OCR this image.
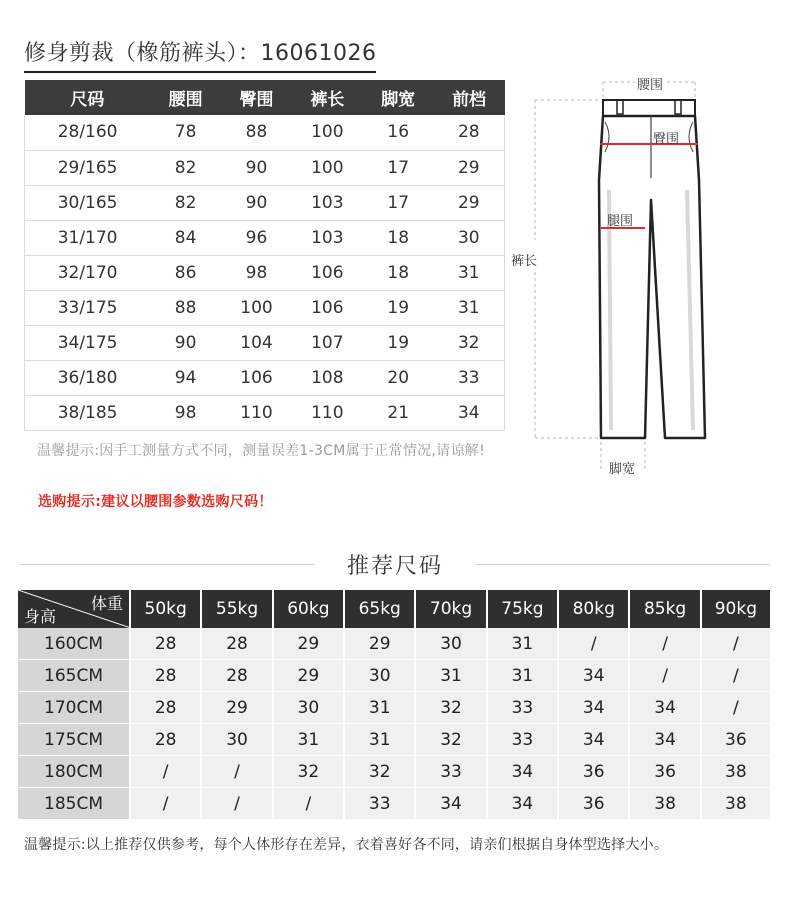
修身剪裁（橡筋裤头）：16061026
尺码	腰围	臀围	裤长	脚宽	前档
28/160	78	88	100	16	28
29/165	82	90	100	17	29
30/165	82	90	103	17	29
31/170	84	96	103	18	30
32/170	86	98	106	18	31
33/175	88	100	106	19	31
34/175	90	104	107	19	32
36/180	94	106	108	20	33
38/185	98	110	110	21	34
温馨提示:因手工测量方式不同，测量误差1-3CM属于正常情况,请谅解!
选购提示:建议以腰围参数选购尺码！
腰围
臀围
腿围
裤长
脚宽
推荐尺码
体重
身高	50kg	55kg	60kg	65kg	70kg	75kg	80kg	85kg	90kg
160CM	28	28	29	29	30	31	/	/	/
165CM	28	28	29	30	31	31	34	/	/
170CM	28	29	30	31	32	33	34	34	/
175CM	28	30	31	31	32	33	34	34	36
180CM	/	/	32	32	33	34	36	36	38
185CM	/	/	/	33	34	34	36	38	38
温馨提示:以上推荐仅供参考，每个人体形存在差异，衣着喜好各不同，请亲们根据自身体型选择大小。
